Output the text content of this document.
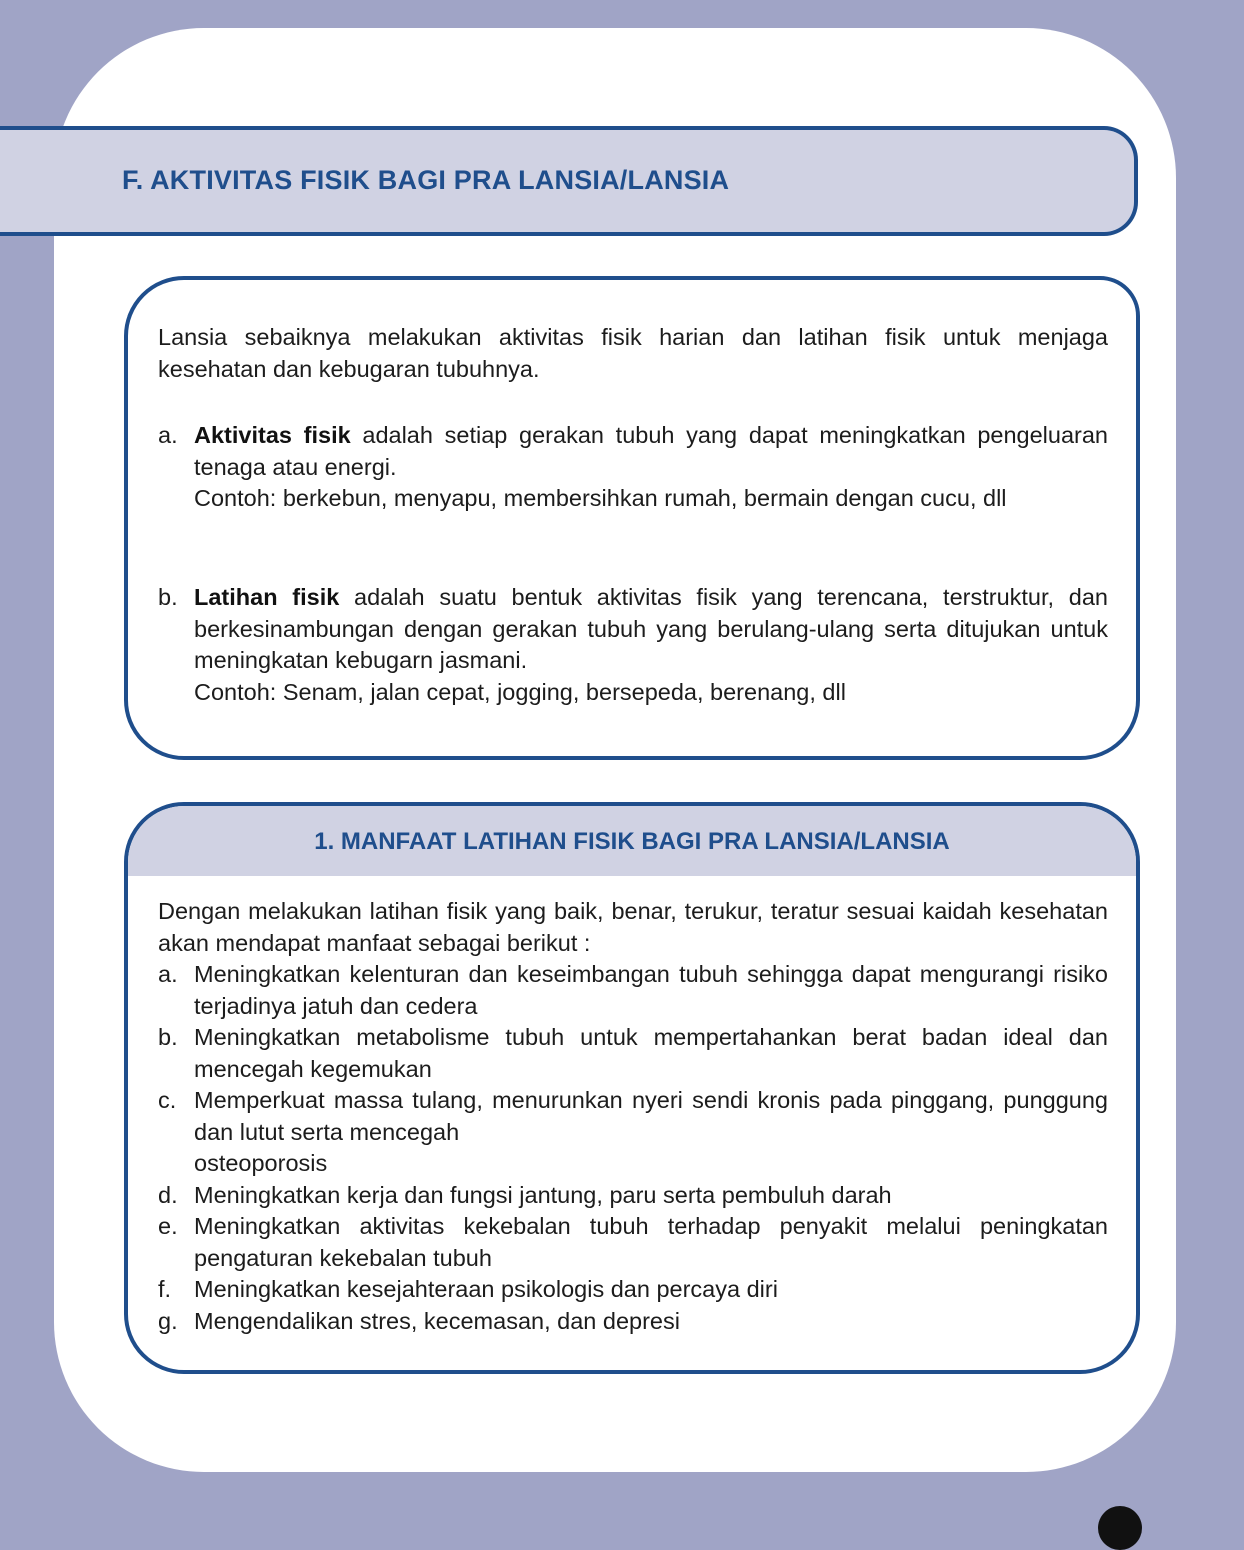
F. AKTIVITAS FISIK BAGI PRA LANSIA/LANSIA
Lansia sebaiknya melakukan aktivitas fisik harian dan latihan fisik untuk menjaga kesehatan dan kebugaran tubuhnya.
a. Aktivitas fisik adalah setiap gerakan tubuh yang dapat meningkatkan pengeluaran tenaga atau energi.
Contoh: berkebun, menyapu, membersihkan rumah, bermain dengan cucu, dll
b. Latihan fisik adalah suatu bentuk aktivitas fisik yang terencana, terstruktur, dan berkesinambungan dengan gerakan tubuh yang berulang-ulang serta ditujukan untuk meningkatan kebugarn jasmani.
Contoh: Senam, jalan cepat, jogging, bersepeda, berenang, dll
1. MANFAAT LATIHAN FISIK BAGI PRA LANSIA/LANSIA
Dengan melakukan latihan fisik yang baik, benar, terukur, teratur sesuai kaidah kesehatan akan mendapat manfaat sebagai berikut :
a. Meningkatkan kelenturan dan keseimbangan tubuh sehingga dapat mengurangi risiko terjadinya jatuh dan cedera
b. Meningkatkan metabolisme tubuh untuk mempertahankan berat badan ideal dan mencegah kegemukan
c. Memperkuat massa tulang, menurunkan nyeri sendi kronis pada pinggang, punggung dan lutut serta mencegah
osteoporosis
d. Meningkatkan kerja dan fungsi jantung, paru serta pembuluh darah
e. Meningkatkan aktivitas kekebalan tubuh terhadap penyakit melalui peningkatan pengaturan kekebalan tubuh
f. Meningkatkan kesejahteraan psikologis dan percaya diri
g. Mengendalikan stres, kecemasan, dan depresi
